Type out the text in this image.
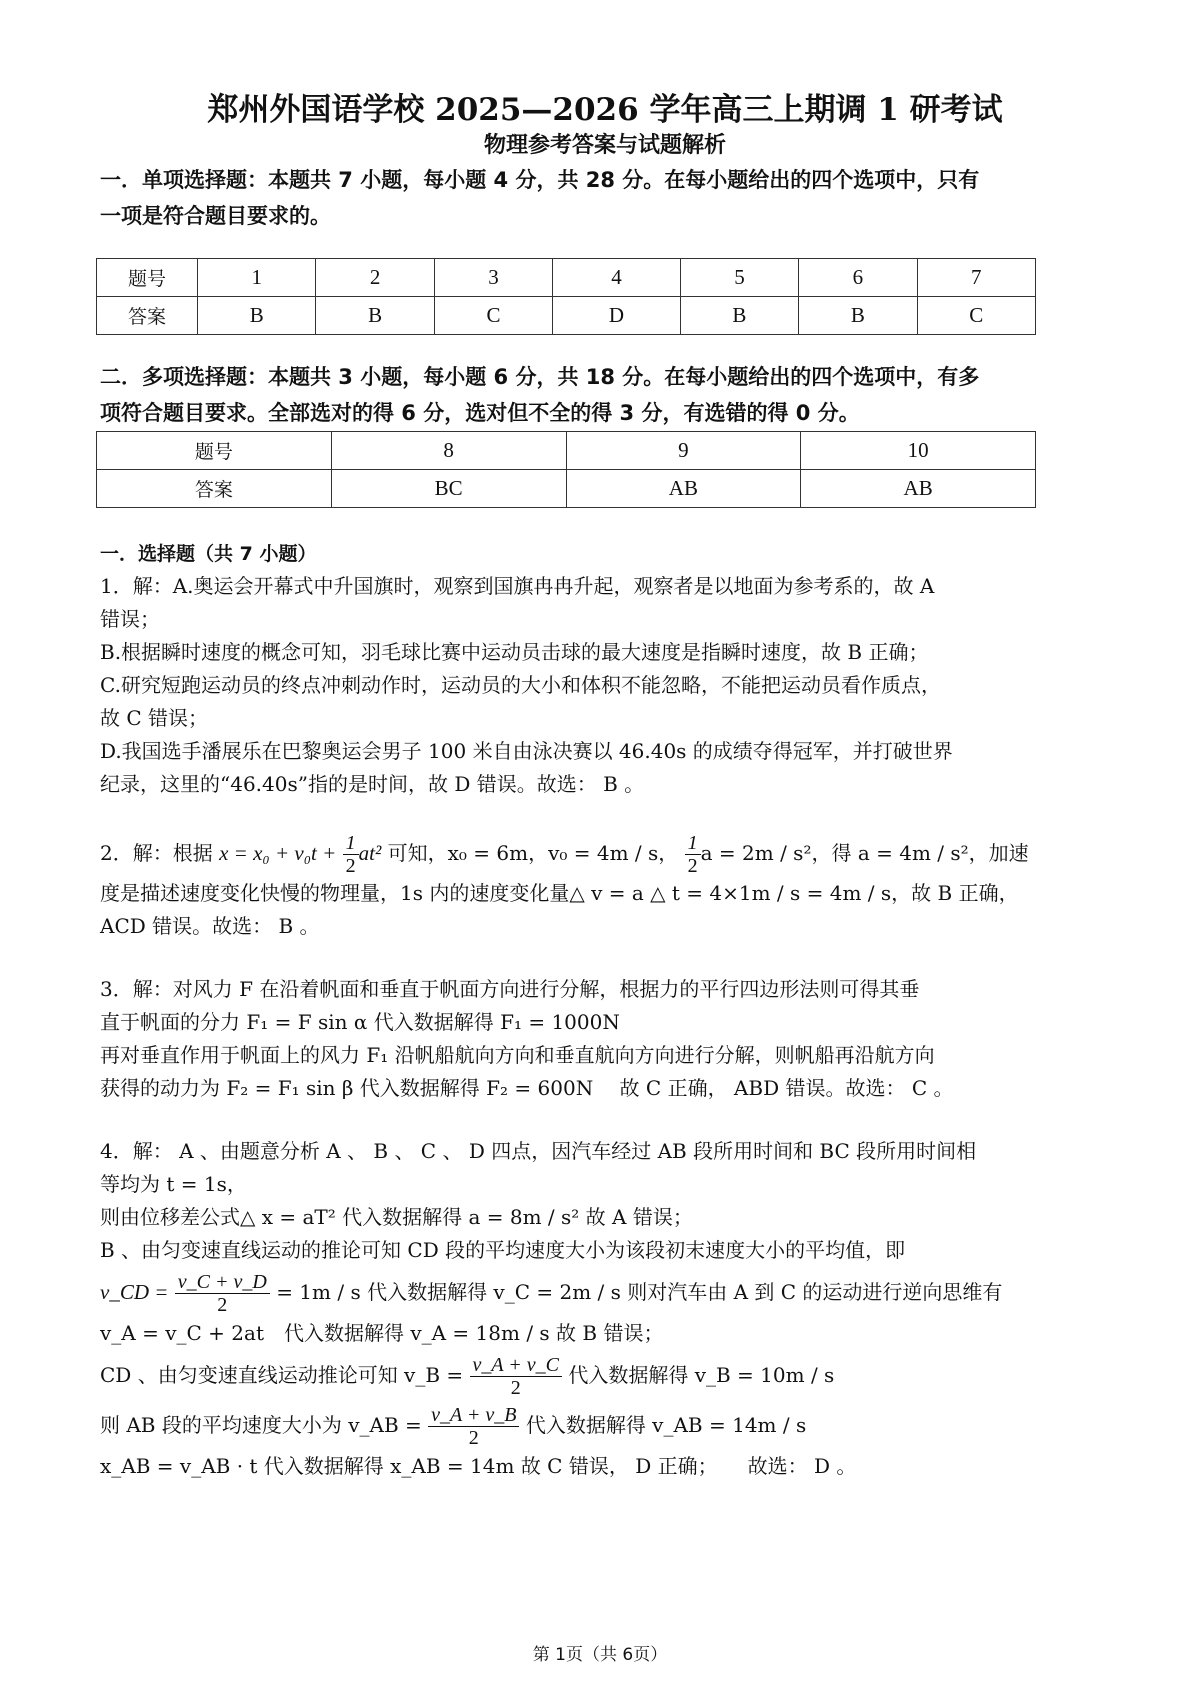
郑州外国语学校 2025—2026 学年高三上期调 1 研考试
物理参考答案与试题解析

一．单项选择题：本题共 7 小题，每小题 4 分，共 28 分。在每小题给出的四个选项中，只有

一项是符合题目要求的。

题号	1	2	3	4	5	6	7
答案	B	B	C	D	B	B	C

二．多项选择题：本题共 3 小题，每小题 6 分，共 18 分。在每小题给出的四个选项中，有多

项符合题目要求。全部选对的得 6 分，选对但不全的得 3 分，有选错的得 0 分。

题号	8	9	10
答案	BC	AB	AB

一．选择题（共 7 小题）

1．解：A.奥运会开幕式中升国旗时，观察到国旗冉冉升起，观察者是以地面为参考系的，故 A

错误；

B.根据瞬时速度的概念可知，羽毛球比赛中运动员击球的最大速度是指瞬时速度，故 B 正确；

C.研究短跑运动员的终点冲刺动作时，运动员的大小和体积不能忽略，不能把运动员看作质点，

故 C 错误；

D.我国选手潘展乐在巴黎奥运会男子 100 米自由泳决赛以 46.40s 的成绩夺得冠军，并打破世界

纪录，这里的“46.40s”指的是时间，故 D 错误。故选： B 。

2．解：根据 $x = x_0 + v_0t + \frac{1}{2} at^2$ 可知，x₀ = 6m，v₀ = 4m / s， $\frac{1}{2}$ a = 2m / s²，得 a = 4m / s²，加速

度是描述速度变化快慢的物理量，1s 内的速度变化量△ v = a △ t = 4×1m / s = 4m / s，故 B 正确，

ACD 错误。故选： B 。

3．解：对风力 F 在沿着帆面和垂直于帆面方向进行分解，根据力的平行四边形法则可得其垂

直于帆面的分力 F₁ = F sin α 代入数据解得 F₁ = 1000N

再对垂直作用于帆面上的风力 F₁ 沿帆船航向方向和垂直航向方向进行分解，则帆船再沿航方向

获得的动力为 F₂ = F₁ sin β 代入数据解得 F₂ = 600N　 故 C 正确， ABD 错误。故选： C 。

4．解： A 、由题意分析 A 、 B 、 C 、 D 四点，因汽车经过 AB 段所用时间和 BC 段所用时间相

等均为 t = 1s，

则由位移差公式△ x = aT² 代入数据解得 a = 8m / s² 故 A 错误；

B 、由匀变速直线运动的推论可知 CD 段的平均速度大小为该段初末速度大小的平均值，即

v_CD = $\frac{v\_C + v\_D}{2} = 1m / s$ 代入数据解得 v_C = 2m / s 则对汽车由 A 到 C 的运动进行逆向思维有

v_A = v_C + 2at　代入数据解得 v_A = 18m / s 故 B 错误；

CD 、由匀变速直线运动推论可知 v_B = $\frac{v\_A + v\_C}{2}$ 代入数据解得 v_B = 10m / s

则 AB 段的平均速度大小为 v_AB = $\frac{v\_A + v\_B}{2}$ 代入数据解得 v_AB = 14m / s

x_AB = v_AB · t 代入数据解得 x_AB = 14m 故 C 错误， D 正确；　　故选： D 。

第 1页（共 6页）
